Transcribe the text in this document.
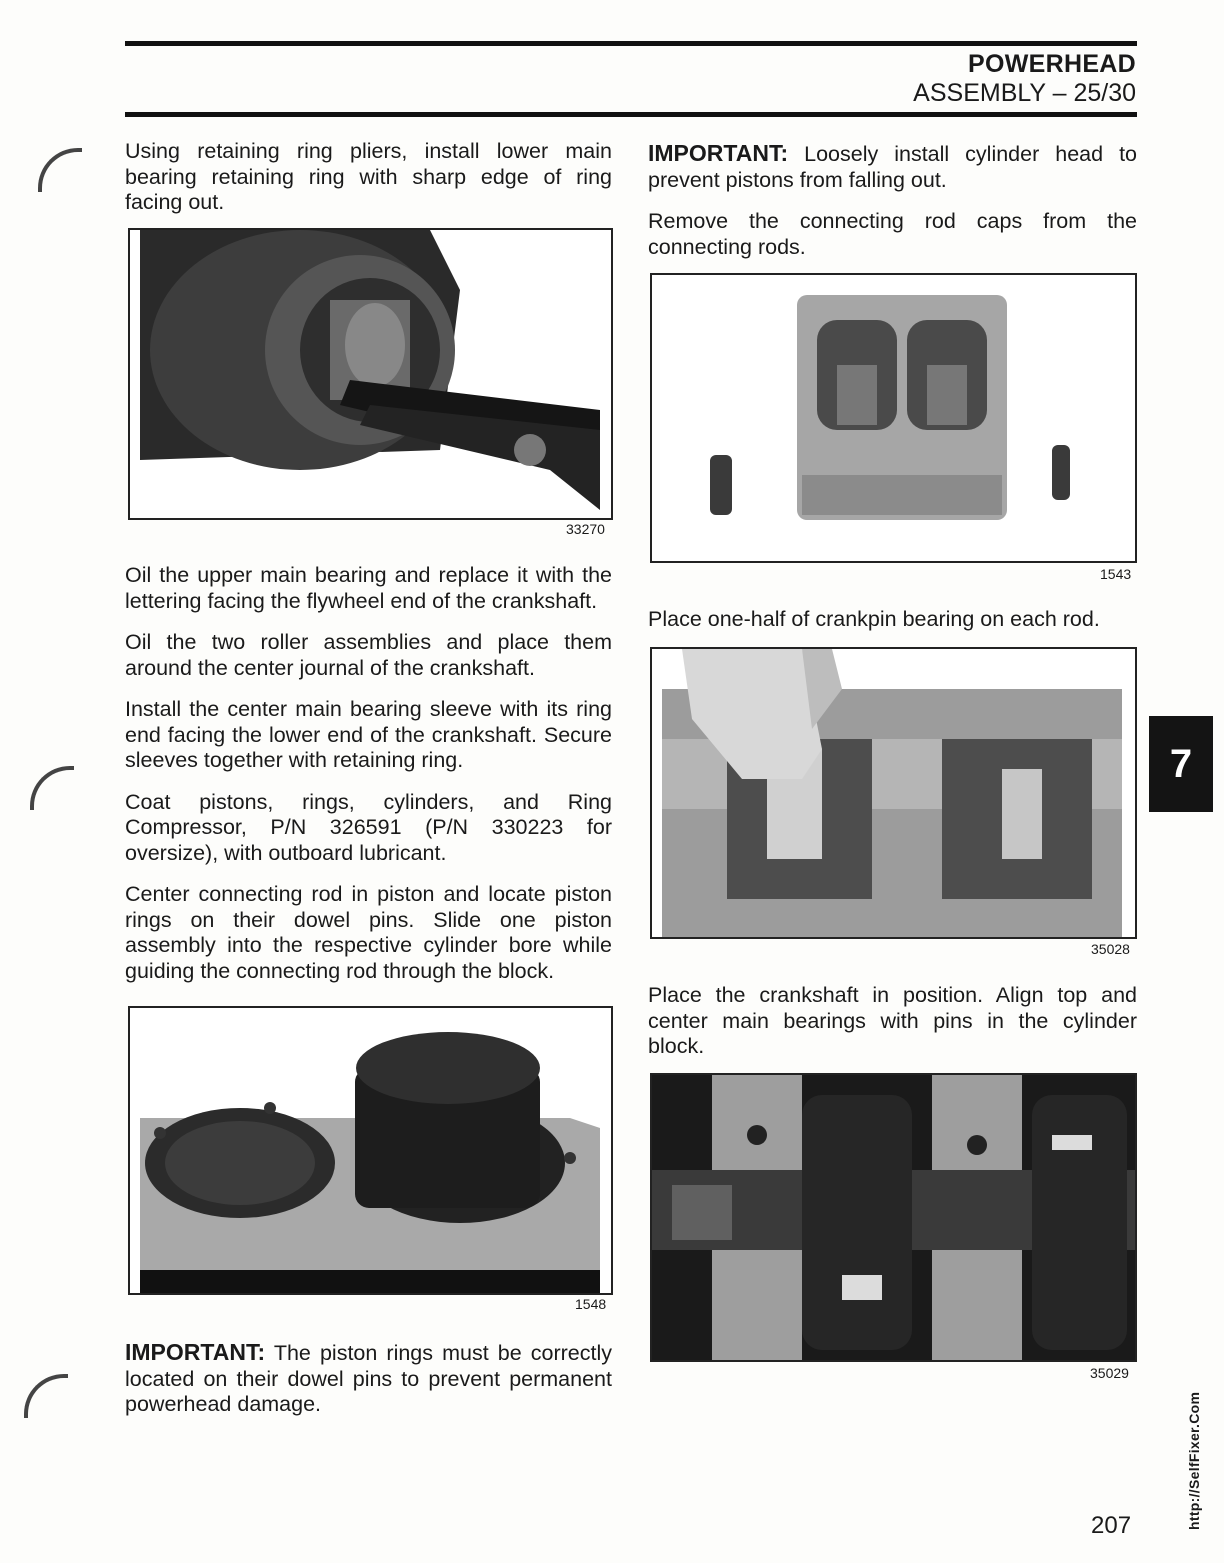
POWERHEAD
ASSEMBLY – 25/30

Using retaining ring pliers, install lower main bearing retaining ring with sharp edge of ring facing out.

33270

Oil the upper main bearing and replace it with the lettering facing the flywheel end of the crankshaft.

Oil the two roller assemblies and place them around the center journal of the crankshaft.

Install the center main bearing sleeve with its ring end facing the lower end of the crankshaft. Secure sleeves together with retaining ring.

Coat pistons, rings, cylinders, and Ring Compressor, P/N 326591 (P/N 330223 for oversize), with outboard lubricant.

Center connecting rod in piston and locate piston rings on their dowel pins. Slide one piston assembly into the respective cylinder bore while guiding the connecting rod through the block.

1548

IMPORTANT: The piston rings must be correctly located on their dowel pins to prevent permanent powerhead damage.

IMPORTANT: Loosely install cylinder head to prevent pistons from falling out.

Remove the connecting rod caps from the connecting rods.

1543

Place one-half of crankpin bearing on each rod.

35028

Place the crankshaft in position. Align top and center main bearings with pins in the cylinder block.

35029
7
http://SelfFixer.Com
207
